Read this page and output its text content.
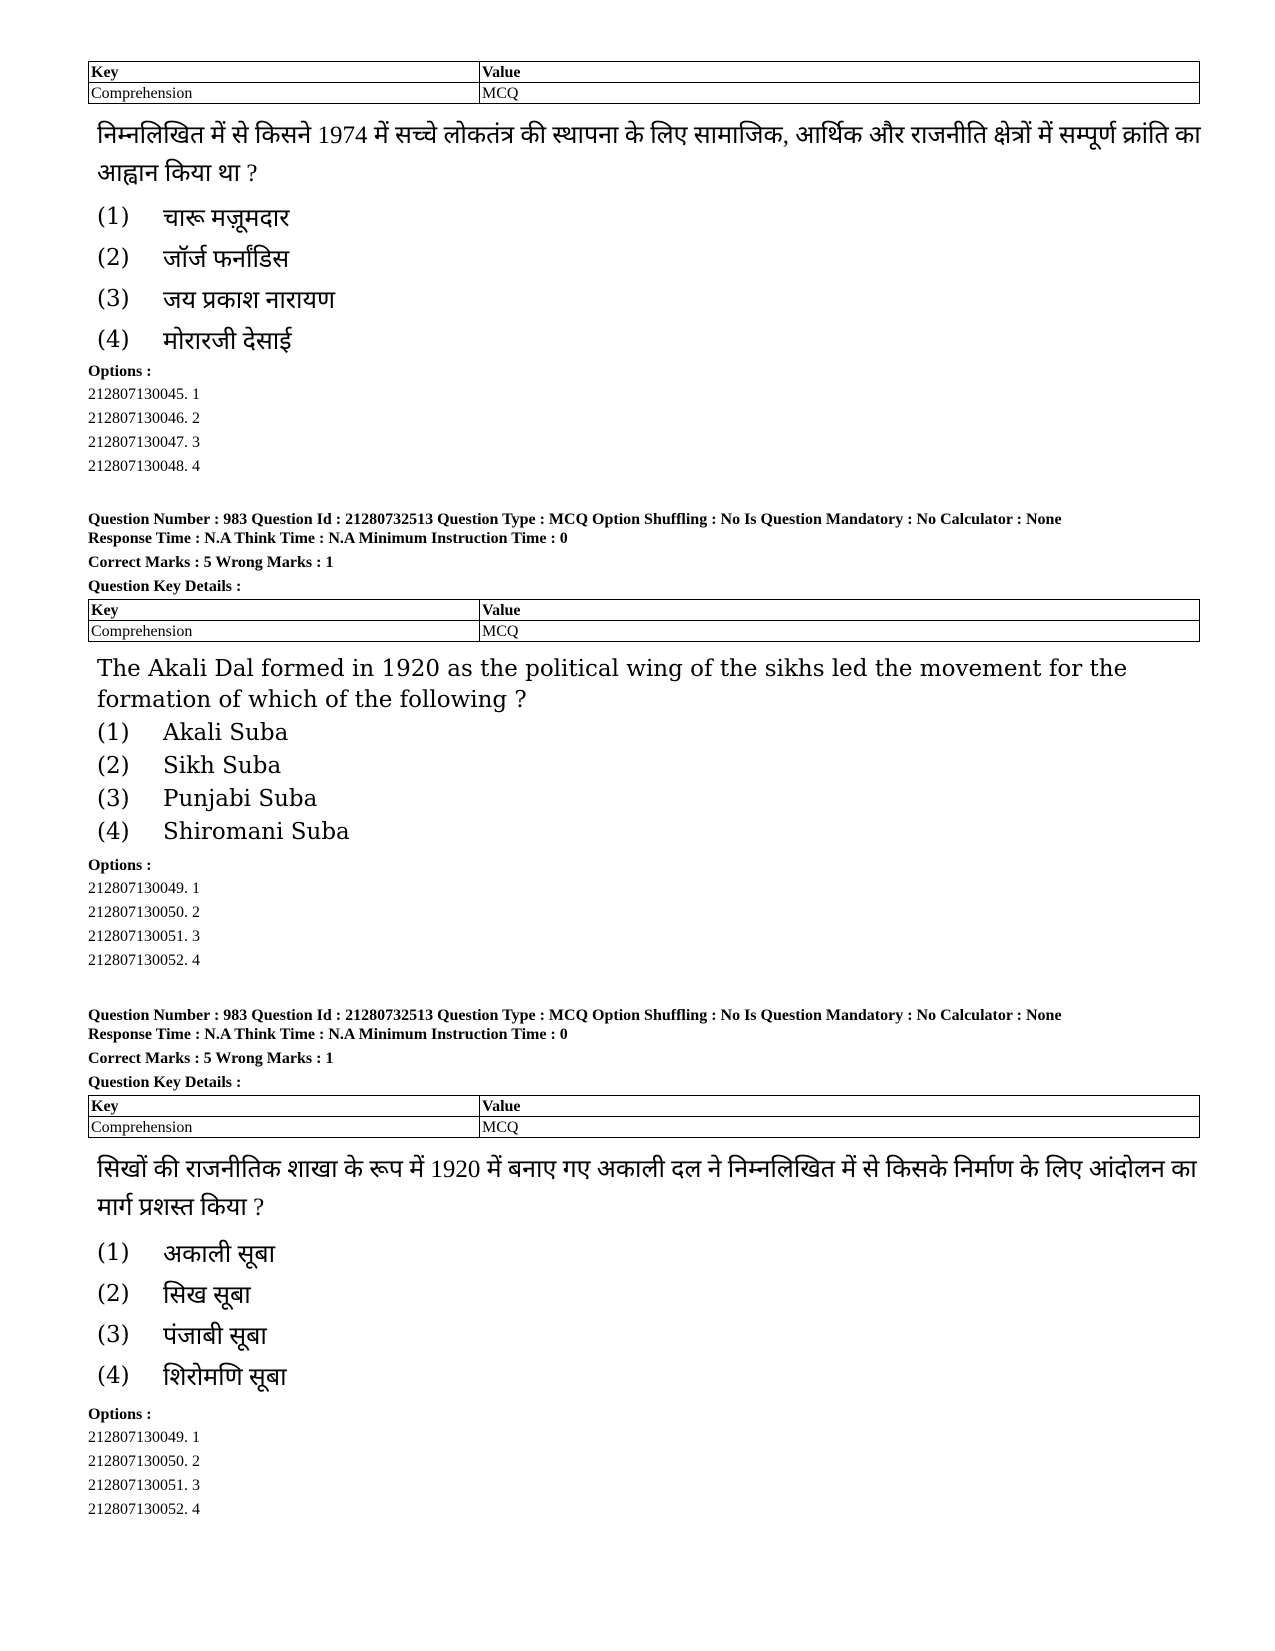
Key	Value
Comprehension	MCQ

निम्नलिखित में से किसने 1974 में सच्चे लोकतंत्र की स्थापना के लिए सामाजिक, आर्थिक और राजनीति क्षेत्रों में सम्पूर्ण क्रांति का आह्वान किया था ?

(1)	चारू मज़ूमदार
(2)	जॉर्ज फर्नांडिस
(3)	जय प्रकाश नारायण
(4)	मोरारजी देसाई
Options :
212807130045. 1
212807130046. 2
212807130047. 3
212807130048. 4
Question Number : 983 Question Id : 21280732513 Question Type : MCQ Option Shuffling : No Is Question Mandatory : No Calculator : None
Response Time : N.A Think Time : N.A Minimum Instruction Time : 0
Correct Marks : 5 Wrong Marks : 1
Question Key Details :
Key	Value
Comprehension	MCQ

The Akali Dal formed in 1920 as the political wing of the sikhs led the movement for the formation of which of the following ?

(1)	Akali Suba
(2)	Sikh Suba
(3)	Punjabi Suba
(4)	Shiromani Suba
Options :
212807130049. 1
212807130050. 2
212807130051. 3
212807130052. 4
Question Number : 983 Question Id : 21280732513 Question Type : MCQ Option Shuffling : No Is Question Mandatory : No Calculator : None
Response Time : N.A Think Time : N.A Minimum Instruction Time : 0
Correct Marks : 5 Wrong Marks : 1
Question Key Details :
Key	Value
Comprehension	MCQ

सिखों की राजनीतिक शाखा के रूप में 1920 में बनाए गए अकाली दल ने निम्नलिखित में से किसके निर्माण के लिए आंदोलन का मार्ग प्रशस्त किया ?

(1)	अकाली सूबा
(2)	सिख सूबा
(3)	पंजाबी सूबा
(4)	शिरोमणि सूबा
Options :
212807130049. 1
212807130050. 2
212807130051. 3
212807130052. 4
